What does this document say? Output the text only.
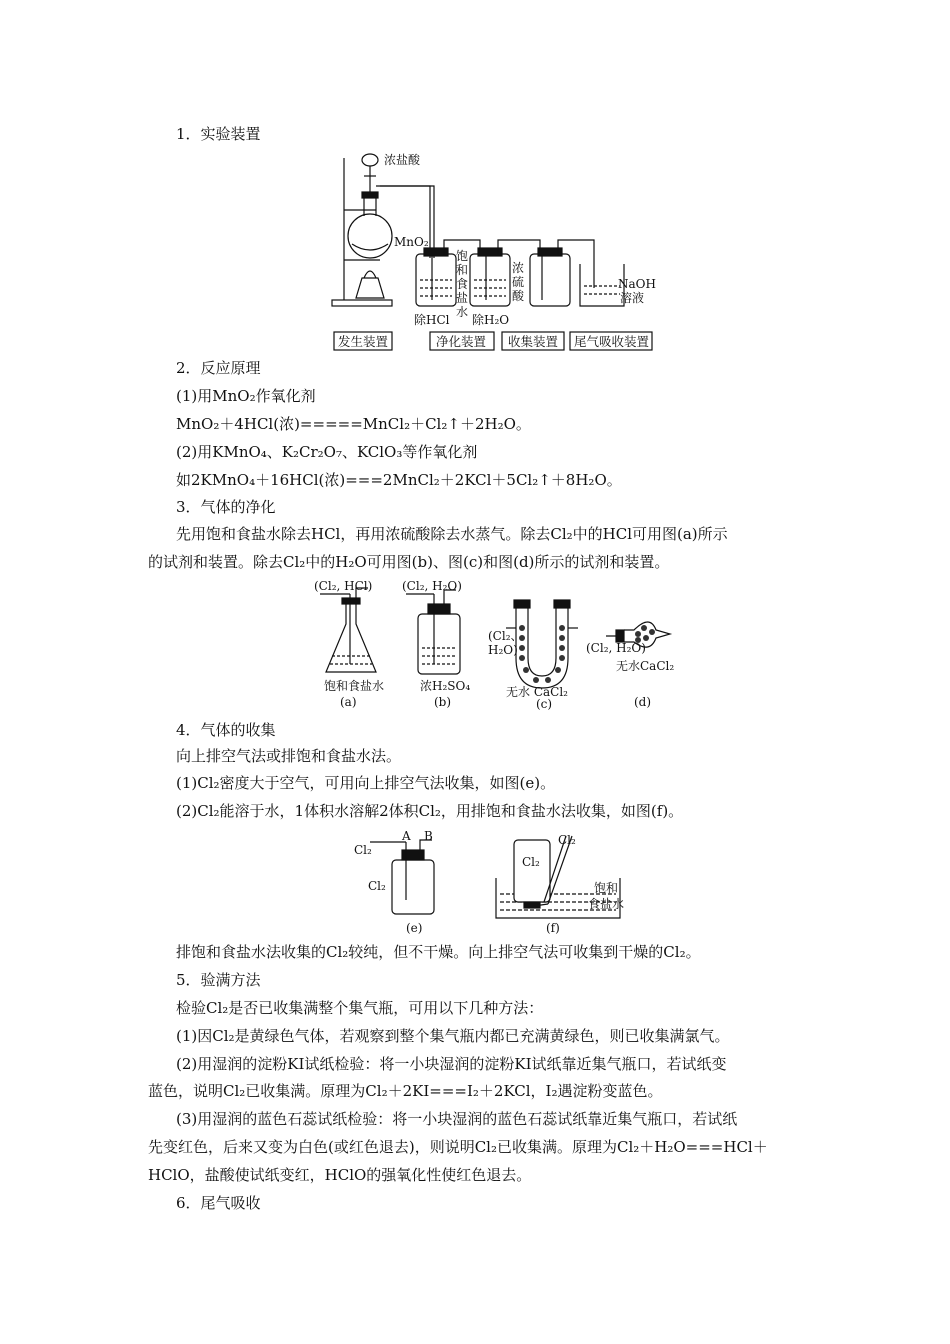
1．实验装置
浓盐酸
MnO₂
饱
和
食
盐
水
浓
硫
酸
NaOH
溶液
除HCl 除H₂O
发生装置	净化装置 收集装置 尾气吸收装置
2．反应原理
(1)用MnO₂作氧化剂
MnO₂＋4HCl(浓)=====MnCl₂＋Cl₂↑＋2H₂O。
(2)用KMnO₄、K₂Cr₂O₇、KClO₃等作氧化剂
如2KMnO₄＋16HCl(浓)===2MnCl₂＋2KCl＋5Cl₂↑＋8H₂O。
3．气体的净化
先用饱和食盐水除去HCl，再用浓硫酸除去水蒸气。除去Cl₂中的HCl可用图(a)所示
的试剂和装置。除去Cl₂中的H₂O可用图(b)、图(c)和图(d)所示的试剂和装置。
(Cl₂, HCl) (Cl₂, H₂O)
(Cl₂、
H₂O)	(Cl₂, H₂O)
饱和食盐水	浓H₂SO₄	无水 CaCl₂
无水CaCl₂
(a)	(b)	(c)	(d)
4．气体的收集
向上排空气法或排饱和食盐水法。
(1)Cl₂密度大于空气，可用向上排空气法收集，如图(e)。
(2)Cl₂能溶于水，1体积水溶解2体积Cl₂，用排饱和食盐水法收集，如图(f)。
A B
Cl₂
Cl₂
Cl₂
Cl₂
饱和
食盐水
(e)	(f)
排饱和食盐水法收集的Cl₂较纯，但不干燥。向上排空气法可收集到干燥的Cl₂。
5．验满方法
检验Cl₂是否已收集满整个集气瓶，可用以下几种方法：
(1)因Cl₂是黄绿色气体，若观察到整个集气瓶内都已充满黄绿色，则已收集满氯气。
(2)用湿润的淀粉KI试纸检验：将一小块湿润的淀粉KI试纸靠近集气瓶口，若试纸变
蓝色，说明Cl₂已收集满。原理为Cl₂＋2KI===I₂＋2KCl，I₂遇淀粉变蓝色。
(3)用湿润的蓝色石蕊试纸检验：将一小块湿润的蓝色石蕊试纸靠近集气瓶口，若试纸
先变红色，后来又变为白色(或红色退去)，则说明Cl₂已收集满。原理为Cl₂＋H₂O===HCl＋
HClO，盐酸使试纸变红，HClO的强氧化性使红色退去。
6．尾气吸收
